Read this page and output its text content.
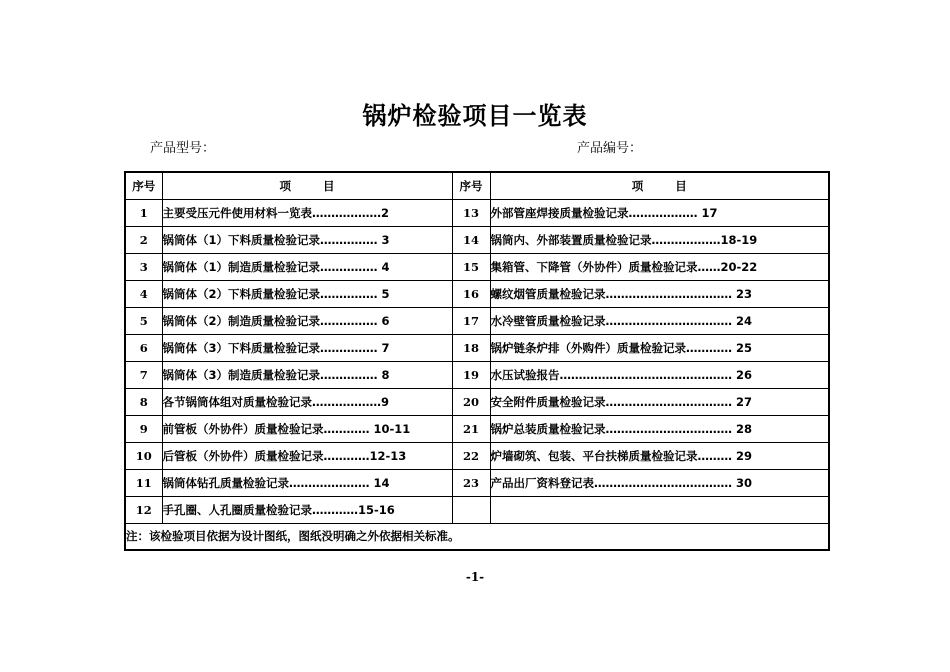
锅炉检验项目一览表
产品型号：	产品编号：
序号	项        目	序号	项        目
1	主要受压元件使用材料一览表………………2	13	外部管座焊接质量检验记录……………… 17
2	锅筒体（1）下料质量检验记录…………… 3	14	锅筒内、外部装置质量检验记录………………18-19
3	锅筒体（1）制造质量检验记录…………… 4	15	集箱管、下降管（外协件）质量检验记录……20-22
4	锅筒体（2）下料质量检验记录…………… 5	16	螺纹烟管质量检验记录…………………………… 23
5	锅筒体（2）制造质量检验记录…………… 6	17	水冷壁管质量检验记录…………………………… 24
6	锅筒体（3）下料质量检验记录…………… 7	18	锅炉链条炉排（外购件）质量检验记录………… 25
7	锅筒体（3）制造质量检验记录…………… 8	19	水压试验报告……………………………………… 26
8	各节锅筒体组对质量检验记录………………9	20	安全附件质量检验记录…………………………… 27
9	前管板（外协件）质量检验记录………… 10-11	21	锅炉总装质量检验记录…………………………… 28
10	后管板（外协件）质量检验记录…………12-13	22	炉墙砌筑、包装、平台扶梯质量检验记录……… 29
11	锅筒体钻孔质量检验记录………………… 14	23	产品出厂资料登记表……………………………… 30
12	手孔圈、人孔圈质量检验记录…………15-16		
注：该检验项目依据为设计图纸，图纸没明确之外依据相关标准。			
-1-
